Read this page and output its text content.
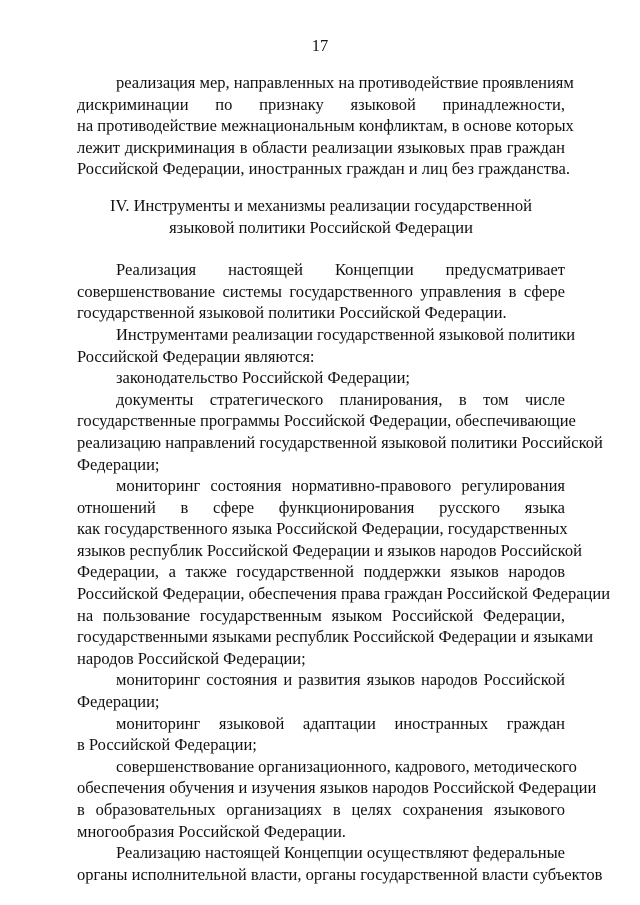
17

реализация мер, направленных на противодействие проявлениям
дискриминации по признаку языковой принадлежности,
на противодействие межнациональным конфликтам, в основе которых
лежит дискриминация в области реализации языковых прав граждан
Российской Федерации, иностранных граждан и лиц без гражданства.

IV. Инструменты и механизмы реализации государственной
языковой политики Российской Федерации

Реализация настоящей Концепции предусматривает
совершенствование системы государственного управления в сфере
государственной языковой политики Российской Федерации.

Инструментами реализации государственной языковой политики
Российской Федерации являются:

законодательство Российской Федерации;

документы стратегического планирования, в том числе
государственные программы Российской Федерации, обеспечивающие
реализацию направлений государственной языковой политики Российской
Федерации;

мониторинг состояния нормативно-правового регулирования
отношений в сфере функционирования русского языка
как государственного языка Российской Федерации, государственных
языков республик Российской Федерации и языков народов Российской
Федерации, а также государственной поддержки языков народов
Российской Федерации, обеспечения права граждан Российской Федерации
на пользование государственным языком Российской Федерации,
государственными языками республик Российской Федерации и языками
народов Российской Федерации;

мониторинг состояния и развития языков народов Российской
Федерации;

мониторинг языковой адаптации иностранных граждан
в Российской Федерации;

совершенствование организационного, кадрового, методического
обеспечения обучения и изучения языков народов Российской Федерации
в образовательных организациях в целях сохранения языкового
многообразия Российской Федерации.

Реализацию настоящей Концепции осуществляют федеральные
органы исполнительной власти, органы государственной власти субъектов
